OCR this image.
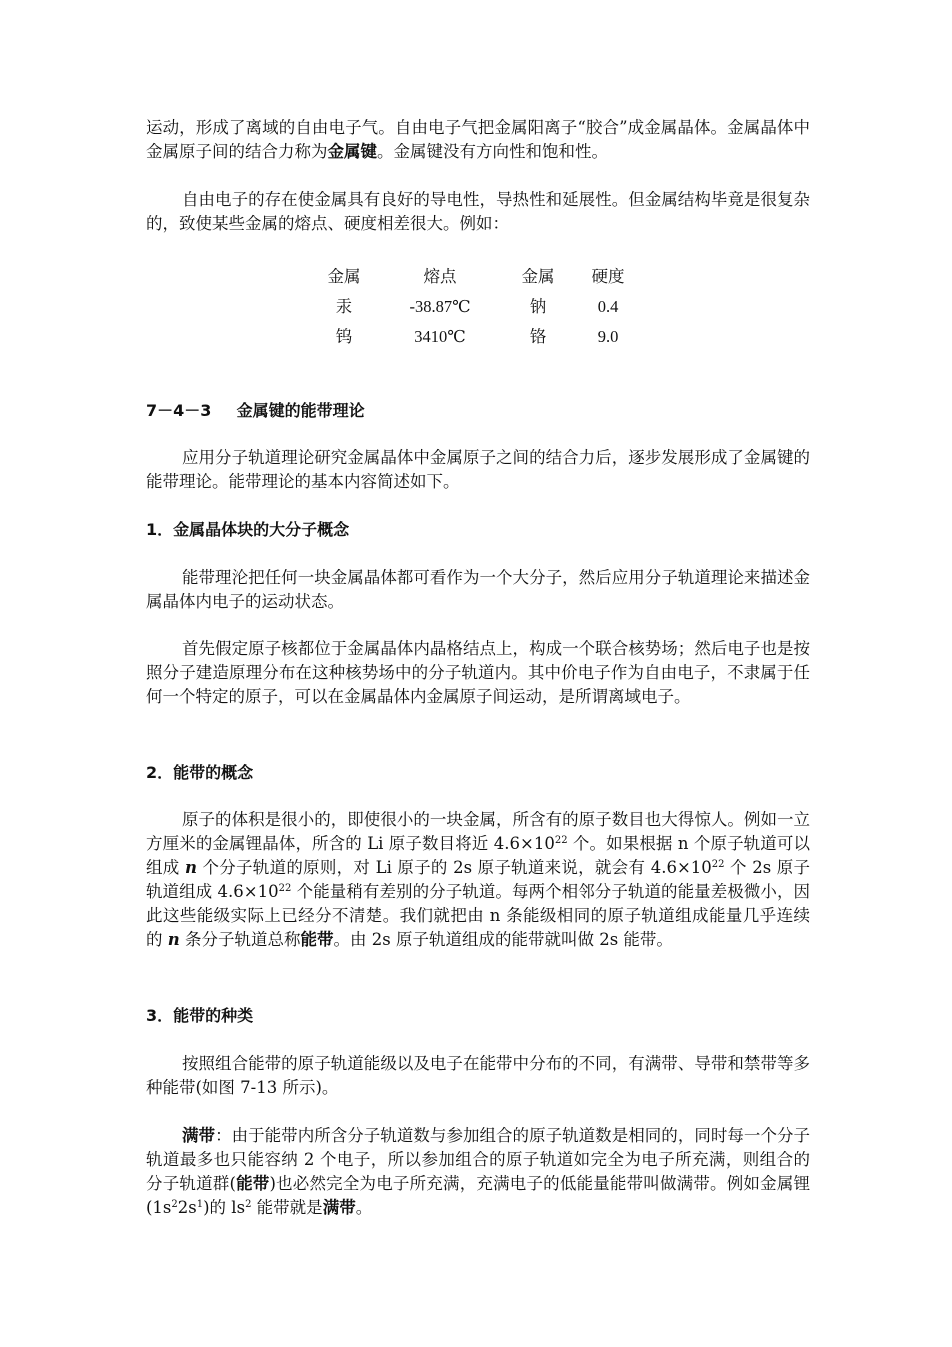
运动，形成了离域的自由电子气。自由电子气把金属阳离子“胶合”成金属晶体。金属晶体中金属原子间的结合力称为金属键。金属键没有方向性和饱和性。

自由电子的存在使金属具有良好的导电性，导热性和延展性。但金属结构毕竟是很复杂的，致使某些金属的熔点、硬度相差很大。例如：

金属	熔点	金属	硬度
汞	-38.87℃	钠	0.4
钨	3410℃	铬	9.0
7－4－3 金属键的能带理论

应用分子轨道理论研究金属晶体中金属原子之间的结合力后，逐步发展形成了金属键的能带理论。能带理论的基本内容简述如下。

1．金属晶体块的大分子概念

能带理沦把任何一块金属晶体都可看作为一个大分子，然后应用分子轨道理论来描述金属晶体内电子的运动状态。

首先假定原子核都位于金属晶体内晶格结点上，构成一个联合核势场；然后电子也是按照分子建造原理分布在这种核势场中的分子轨道内。其中价电子作为自由电子，不隶属于任何一个特定的原子，可以在金属晶体内金属原子间运动，是所谓离域电子。

2．能带的概念

原子的体积是很小的，即使很小的一块金属，所含有的原子数目也大得惊人。例如一立方厘米的金属锂晶体，所含的 Li 原子数目将近 $4.6\times 10^{22}$ 个。如果根据 n 个原子轨道可以组成 n 个分子轨道的原则，对 Li 原子的 2s 原子轨道来说，就会有 $4.6\times 10^{22}$ 个 2s 原子轨道组成 $4.6\times 10^{22}$ 个能量稍有差别的分子轨道。每两个相邻分子轨道的能量差极微小，因此这些能级实际上已经分不清楚。我们就把由 n 条能级相同的原子轨道组成能量几乎连续的 n 条分子轨道总称能带。由 2s 原子轨道组成的能带就叫做 2s 能带。

3．能带的种类

按照组合能带的原子轨道能级以及电子在能带中分布的不同，有满带、导带和禁带等多种能带(如图 7-13 所示)。

满带：由于能带内所含分子轨道数与参加组合的原子轨道数是相同的，同时每一个分子轨道最多也只能容纳 2 个电子，所以参加组合的原子轨道如完全为电子所充满，则组合的分子轨道群(能带)也必然完全为电子所充满，充满电子的低能量能带叫做满带。例如金属锂$(1s^22s^1)$的 $ls^2$ 能带就是满带。
